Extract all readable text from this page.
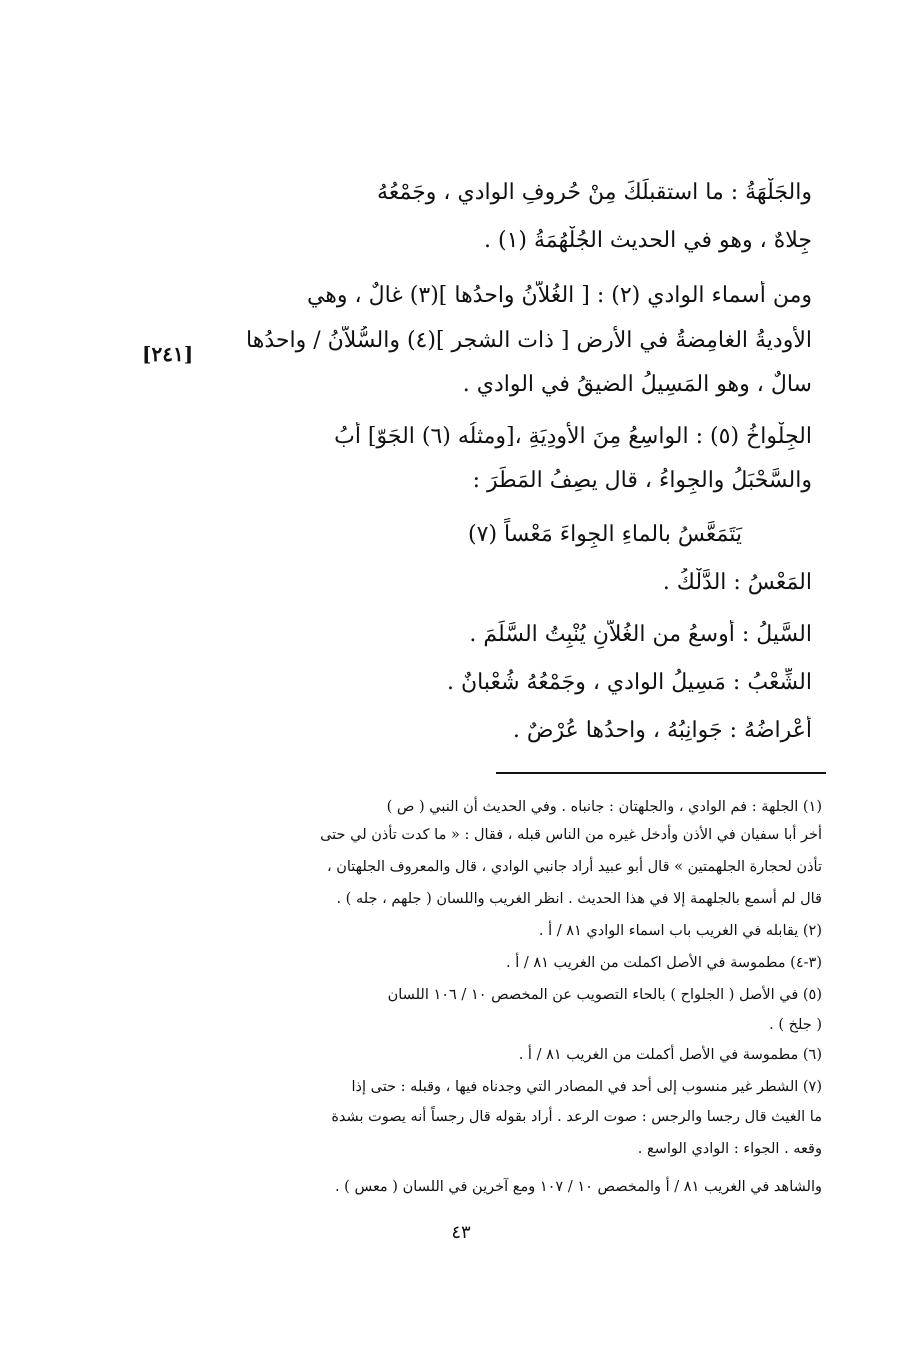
والجَلْهَةُ : ما استقبلَكَ مِنْ حُروفِ الوادي ، وجَمْعُهُ
جِلاهٌ ، وهو في الحديث الجُلْهُمَةُ (١) .
ومن أسماء الوادي (٢) : [ الغُلاّنُ واحدُها ](٣) غالٌ ، وهي
الأوديةُ الغامِضةُ في الأرض [ ذات الشجر ](٤) والسُّلاّنُ / واحدُها
سالٌ ، وهو المَسِيلُ الضيقُ في الوادي .
الجِلْواخُ (٥) : الواسِعُ مِنَ الأودِيَةِ ،[ومثلُه (٦) الجَوّ] أَبُ
والسَّحْبَلُ والجِواءُ ، قال يصِفُ المَطَرَ :
[٢٤١]
يَتَمَعَّسُ بالماءِ الجِواءَ مَعْساً (٧)
المَعْسُ : الدَّلْكُ .
السَّيلُ : أوسعُ من الغُلاّنِ يُنْبِتُ السَّلَمَ .
الشِّعْبُ : مَسِيلُ الوادي ، وجَمْعُهُ شُعْبانٌ .
أعْراضُهُ : جَوانِبُهُ ، واحدُها عُرْضٌ .
(١) الجلهة : فم الوادي ، والجلهتان : جانباه . وفي الحديث أن النبي ( ص )
أخر أبا سفيان في الأذن وأدخل غيره من الناس قبله ، فقال : « ما كدت تأذن لي حتى
تأذن لحجارة الجلهمتين » قال أبو عبيد أراد جانبي الوادي ، قال والمعروف الجلهتان ،
قال لم أسمع بالجلهمة إلا في هذا الحديث . انظر الغريب واللسان ( جلهم ، جله ) .
(٢) يقابله في الغريب باب اسماء الوادي ٨١ / أ .
(٣-٤) مطموسة في الأصل اكملت من الغريب ٨١ / أ .
(٥) في الأصل ( الجلواح ) بالحاء التصويب عن المخصص ١٠ / ١٠٦ اللسان
( جلخ ) .
(٦) مطموسة في الأصل أكملت من الغريب ٨١ / أ .
(٧) الشطر غير منسوب إلى أحد في المصادر التي وجدناه فيها ، وقبله : حتى إذا
ما الغيث قال رجسا والرجس : صوت الرعد . أراد بقوله قال رجساً أنه يصوت بشدة
وقعه . الجواء : الوادي الواسع .
والشاهد في الغريب ٨١ / أ والمخصص ١٠ / ١٠٧ ومع آخرين في اللسان ( معس ) .
٤٣
